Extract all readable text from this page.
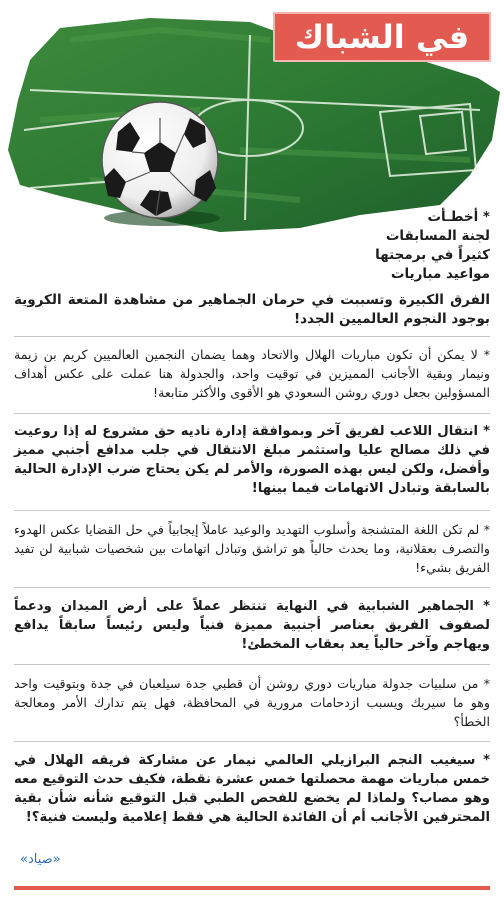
في الشباك
* أخطـأت
لجنة المسابقات
كثيراً في برمجتها
مواعيد مباريات
الفرق الكبيرة وتسببت في حرمان الجماهير من مشاهدة المتعة الكروية بوجود النجوم العالميين الجدد!
* لا يمكن أن تكون مباريات الهلال والاتحاد وهما يضمان النجمين العالميين كريم بن زيمة ونيمار وبقية الأجانب المميزين في توقيت واحد، والجدولة هنا عملت على عكس أهداف المسؤولين بجعل دوري روشن السعودي هو الأقوى والأكثر متابعة!
* انتقال اللاعب لفريق آخر وبموافقة إدارة ناديه حق مشروع له إذا روعيت في ذلك مصالح عليا واستثمر مبلغ الانتقال في جلب مدافع أجنبي مميز وأفضل، ولكن ليس بهذه الصورة، والأمر لم يكن يحتاج ضرب الإدارة الحالية بالسابقة وتبادل الاتهامات فيما بينها!
* لم تكن اللغة المتشنجة وأسلوب التهديد والوعيد عاملاً إيجابياً في حل القضايا عكس الهدوء والتصرف بعقلانية، وما يحدث حالياً هو تراشق وتبادل اتهامات بين شخصيات شبابية لن تفيد الفريق بشيء!
* الجماهير الشبابية في النهاية تنتظر عملاً على أرض الميدان ودعماً لصفوف الفريق بعناصر أجنبية مميزة فنياً وليس رئيساً سابقاً يدافع ويهاجم وآخر حالياً يعد بعقاب المخطئ!
* من سلبيات جدولة مباريات دوري روشن أن قطبي جدة سيلعبان في جدة وبتوقيت واحد وهو ما سيربك ويسبب ازدحامات مرورية في المحافظة، فهل يتم تدارك الأمر ومعالجة الخطأ؟
* سيغيب النجم البرازيلي العالمي نيمار عن مشاركة فريقه الهلال في خمس مباريات مهمة محصلتها خمس عشرة نقطة، فكيف حدث التوقيع معه وهو مصاب؟ ولماذا لم يخضع للفحص الطبي قبل التوقيع شأنه شأن بقية المحترفين الأجانب أم أن الفائدة الحالية هي فقط إعلامية وليست فنية؟!
«صياد»
